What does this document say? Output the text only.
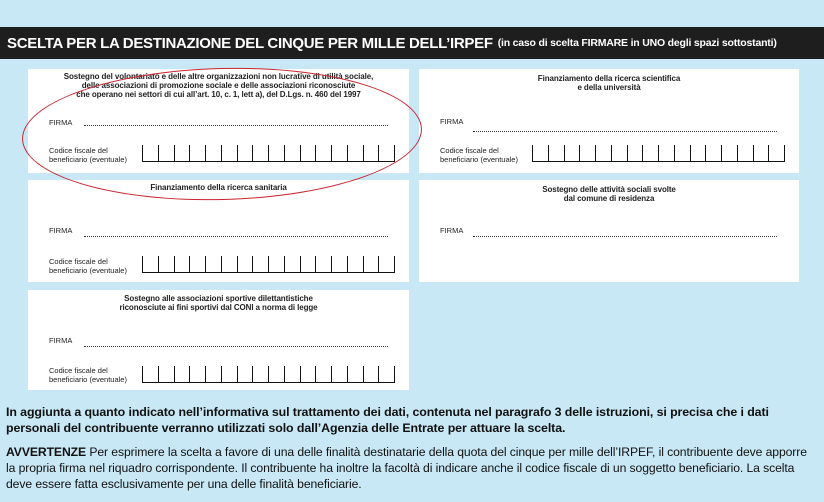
SCELTA PER LA DESTINAZIONE DEL CINQUE PER MILLE DELL’IRPEF (in caso di scelta FIRMARE in UNO degli spazi sottostanti)
Sostegno del volontariato e delle altre organizzazioni non lucrative di utilità sociale,
delle associazioni di promozione sociale e delle associazioni riconosciute
che operano nei settori di cui all’art. 10, c. 1, lett a), del D.Lgs. n. 460 del 1997
FIRMA
Codice fiscale del
beneficiario (eventuale)
Finanziamento della ricerca scientifica
e della università
FIRMA
Codice fiscale del
beneficiario (eventuale)
Finanziamento della ricerca sanitaria
FIRMA
Codice fiscale del
beneficiario (eventuale)
Sostegno delle attività sociali svolte
dal comune di residenza
FIRMA
Sostegno alle associazioni sportive dilettantistiche
riconosciute ai fini sportivi dal CONI a norma di legge
FIRMA
Codice fiscale del
beneficiario (eventuale)
In aggiunta a quanto indicato nell’informativa sul trattamento dei dati, contenuta nel paragrafo 3 delle istruzioni, si precisa che i dati personali del contribuente verranno utilizzati solo dall’Agenzia delle Entrate per attuare la scelta.
AVVERTENZE Per esprimere la scelta a favore di una delle finalità destinatarie della quota del cinque per mille dell’IRPEF, il contribuente deve apporre la propria firma nel riquadro corrispondente. Il contribuente ha inoltre la facoltà di indicare anche il codice fiscale di un soggetto beneficiario. La scelta deve essere fatta esclusivamente per una delle finalità beneficiarie.
